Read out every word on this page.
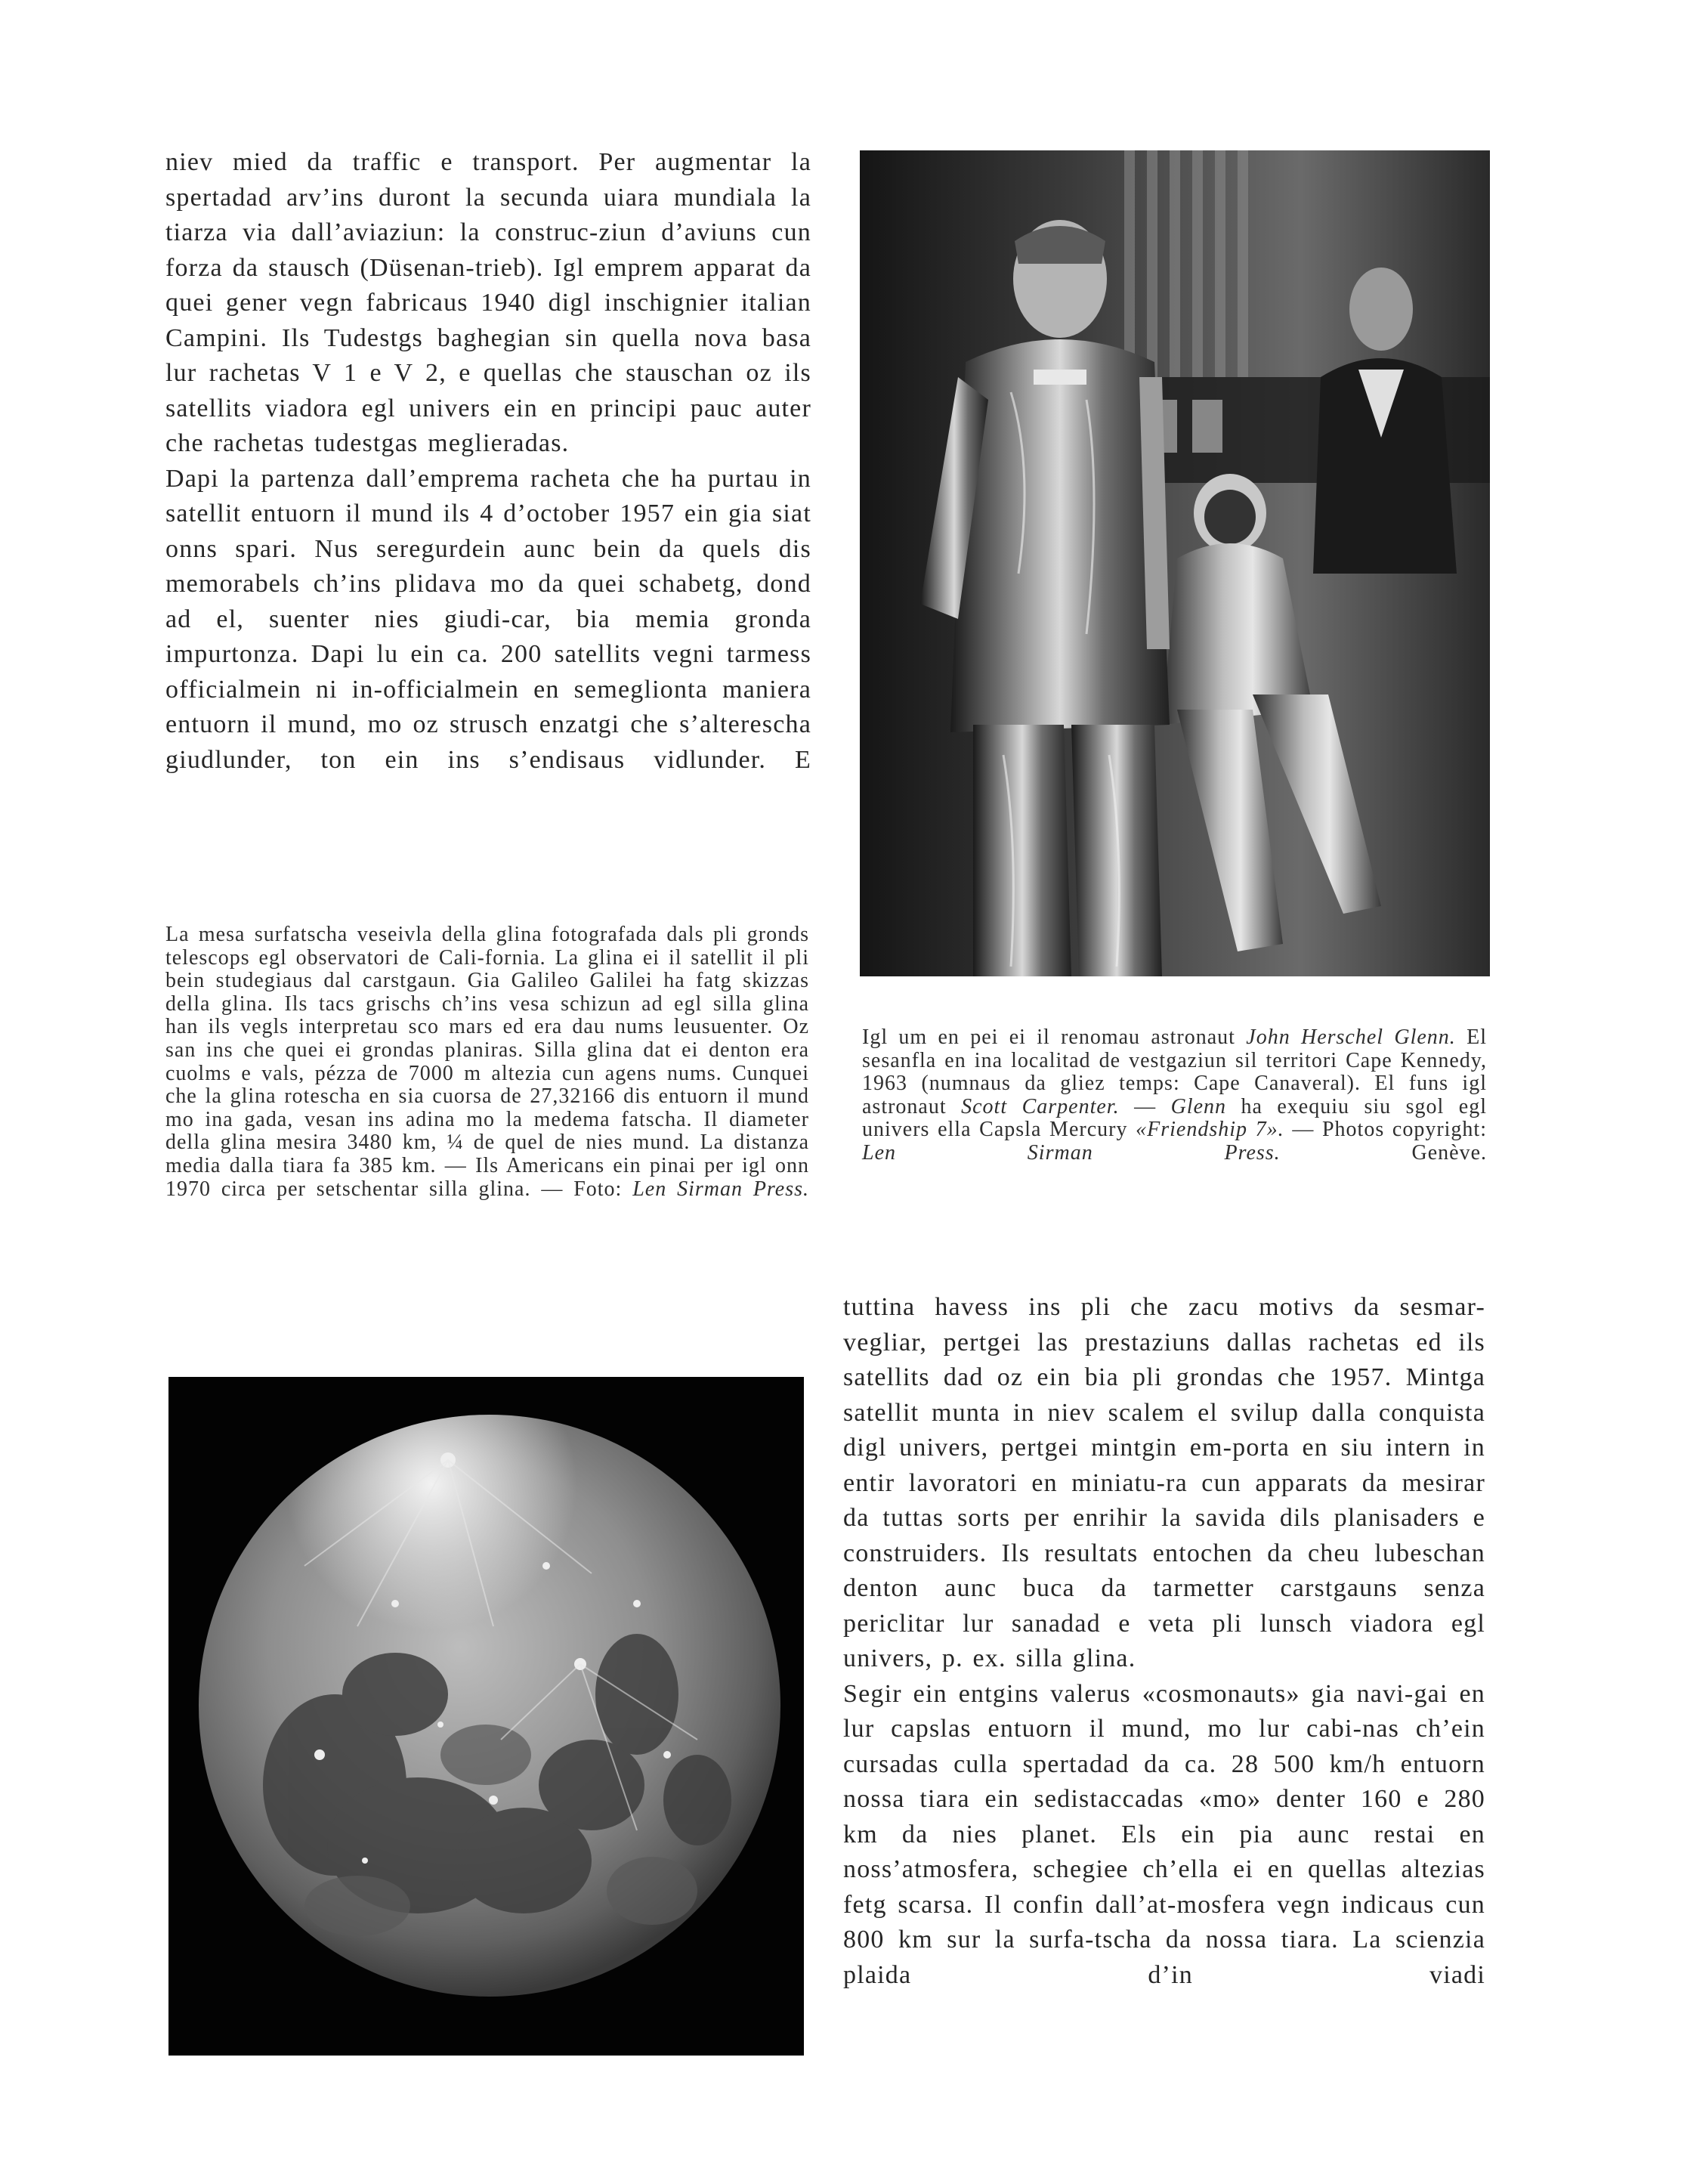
niev mied da traffic e transport. Per augmentar la spertadad arv’ins duront la secunda uiara mundiala la tiarza via dall’aviaziun: la construc-ziun d’aviuns cun forza da stausch (Düsenan-trieb). Igl emprem apparat da quei gener vegn fabricaus 1940 digl inschignier italian Campini. Ils Tudestgs baghegian sin quella nova basa lur rachetas V 1 e V 2, e quellas che stauschan oz ils satellits viadora egl univers ein en principi pauc auter che rachetas tudestgas meglieradas.

Dapi la partenza dall’emprema racheta che ha purtau in satellit entuorn il mund ils 4 d’october 1957 ein gia siat onns spari. Nus seregurdein aunc bein da quels dis memorabels ch’ins plidava mo da quei schabetg, dond ad el, suenter nies giudi-car, bia memia gronda impurtonza. Dapi lu ein ca. 200 satellits vegni tarmess officialmein ni in-officialmein en semeglionta maniera entuorn il mund, mo oz strusch enzatgi che s’alterescha giudlunder, ton ein ins s’endisaus vidlunder. E

Igl um en pei ei il renomau astronaut John Herschel Glenn. El sesanfla en ina localitad de vestgaziun sil territori Cape Kennedy, 1963 (numnaus da gliez temps: Cape Canaveral). El funs igl astronaut Scott Carpenter. — Glenn ha exequiu siu sgol egl univers ella Capsla Mercury «Friendship 7». — Photos copyright: Len Sirman Press. Genève.
La mesa surfatscha veseivla della glina fotografada dals pli gronds telescops egl observatori de Cali-fornia. La glina ei il satellit il pli bein studegiaus dal carstgaun. Gia Galileo Galilei ha fatg skizzas della glina. Ils tacs grischs ch’ins vesa schizun ad egl silla glina han ils vegls interpretau sco mars ed era dau nums leusuenter. Oz san ins che quei ei grondas planiras. Silla glina dat ei denton era cuolms e vals, pézza de 7000 m altezia cun agens nums. Cunquei che la glina rotescha en sia cuorsa de 27,32166 dis entuorn il mund mo ina gada, vesan ins adina mo la medema fatscha. Il diameter della glina mesira 3480 km, ¼ de quel de nies mund. La distanza media dalla tiara fa 385 km. — Ils Americans ein pinai per igl onn 1970 circa per setschentar silla glina. — Foto: Len Sirman Press.

tuttina havess ins pli che zacu motivs da sesmar-vegliar, pertgei las prestaziuns dallas rachetas ed ils satellits dad oz ein bia pli grondas che 1957. Mintga satellit munta in niev scalem el svilup dalla conquista digl univers, pertgei mintgin em-porta en siu intern in entir lavoratori en miniatu-ra cun apparats da mesirar da tuttas sorts per enrihir la savida dils planisaders e construiders. Ils resultats entochen da cheu lubeschan denton aunc buca da tarmetter carstgauns senza periclitar lur sanadad e veta pli lunsch viadora egl univers, p. ex. silla glina.

Segir ein entgins valerus «cosmonauts» gia navi-gai en lur capslas entuorn il mund, mo lur cabi-nas ch’ein cursadas culla spertadad da ca. 28 500 km/h entuorn nossa tiara ein sedistaccadas «mo» denter 160 e 280 km da nies planet. Els ein pia aunc restai en noss’atmosfera, schegiee ch’ella ei en quellas altezias fetg scarsa. Il confin dall’at-mosfera vegn indicaus cun 800 km sur la surfa-tscha da nossa tiara. La scienzia plaida d’in viadi
